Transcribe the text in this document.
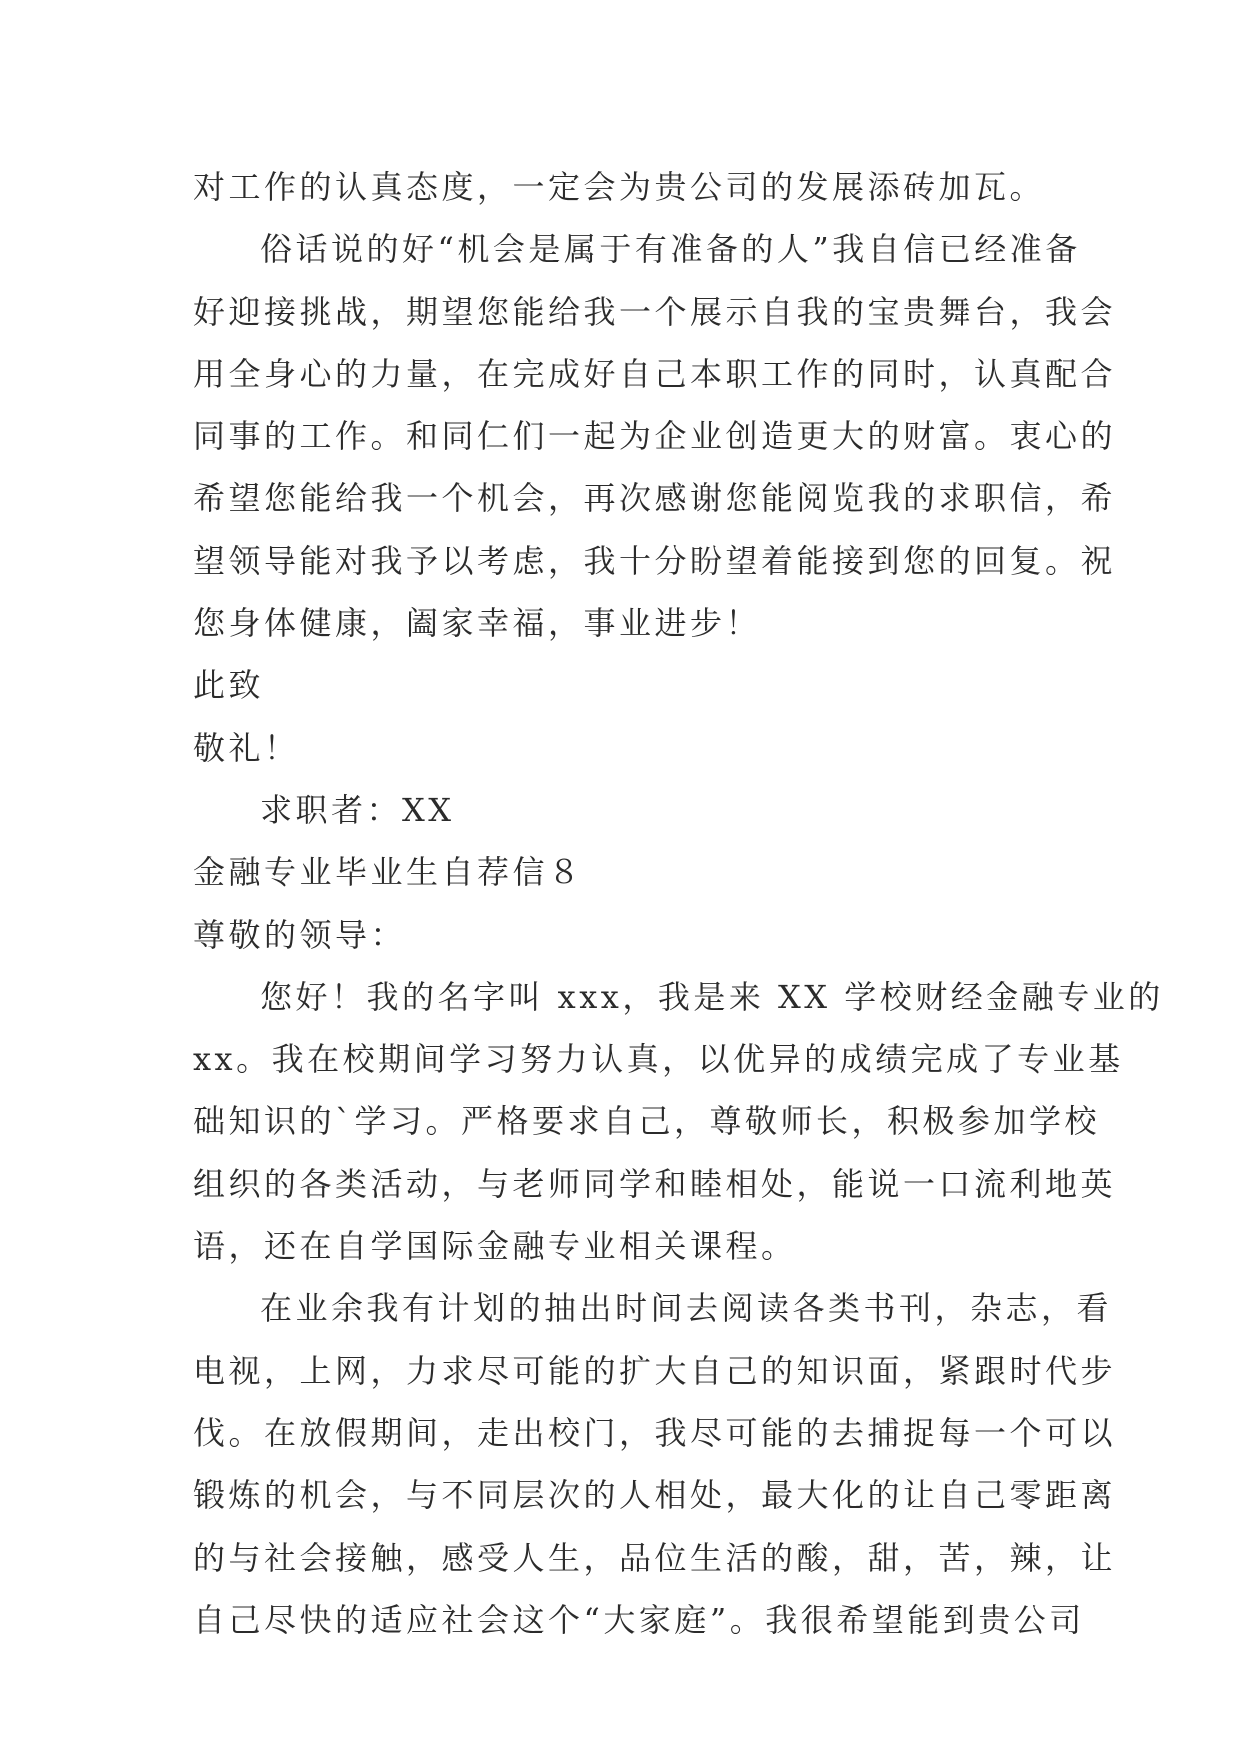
对工作的认真态度，一定会为贵公司的发展添砖加瓦。
俗话说的好“机会是属于有准备的人”我自信已经准备
好迎接挑战，期望您能给我一个展示自我的宝贵舞台，我会
用全身心的力量，在完成好自己本职工作的同时，认真配合
同事的工作。和同仁们一起为企业创造更大的财富。衷心的
希望您能给我一个机会，再次感谢您能阅览我的求职信，希
望领导能对我予以考虑，我十分盼望着能接到您的回复。祝
您身体健康，阖家幸福，事业进步！
此致
敬礼！
求职者：XX
金融专业毕业生自荐信８
尊敬的领导：
您好！我的名字叫 xxx，我是来 XX 学校财经金融专业的
xx。我在校期间学习努力认真，以优异的成绩完成了专业基
础知识的`学习。严格要求自己，尊敬师长，积极参加学校
组织的各类活动，与老师同学和睦相处，能说一口流利地英
语，还在自学国际金融专业相关课程。
在业余我有计划的抽出时间去阅读各类书刊，杂志，看
电视，上网，力求尽可能的扩大自己的知识面，紧跟时代步
伐。在放假期间，走出校门，我尽可能的去捕捉每一个可以
锻炼的机会，与不同层次的人相处，最大化的让自己零距离
的与社会接触，感受人生，品位生活的酸，甜，苦，辣，让
自己尽快的适应社会这个“大家庭”。我很希望能到贵公司
